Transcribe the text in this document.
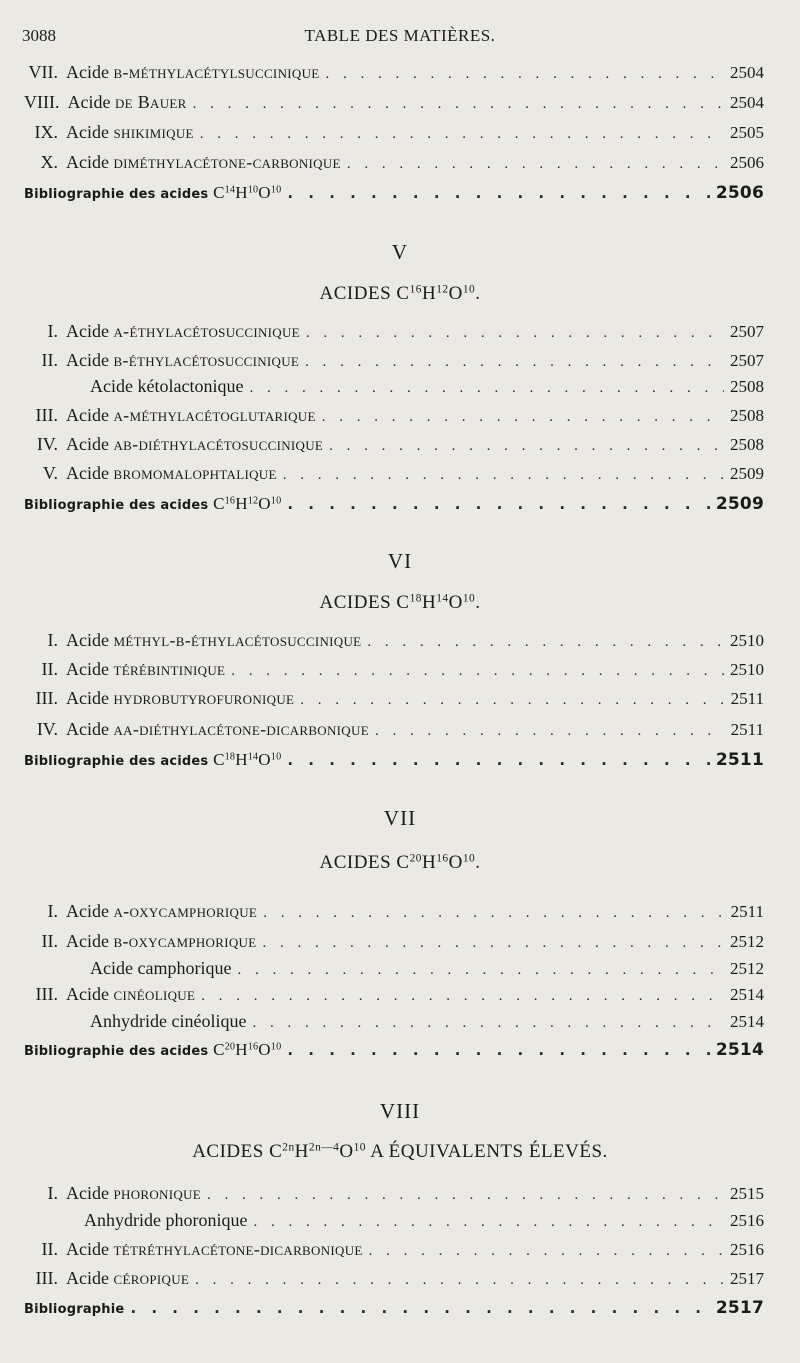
3088	TABLE DES MATIÈRES.
VII. Acide β-méthylacétylsuccinique . . .	2504
VIII. Acide de Bauer . . .	2504
IX. Acide shikimique . . .	2505
X. Acide diméthylacétone-carbonique . . .	2506
Bibliographie des acides $C^{14}H^{10}O^{10}$ . . .	2506
V
ACIDES $C^{16}H^{12}O^{10}$.
I. Acide α-éthylacétosuccinique . . .	2507
II. Acide β-éthylacétosuccinique . . .	2507
Acide kétolactonique . . .	2508
III. Acide α-méthylacétoglutarique . . .	2508
IV. Acide αβ-diéthylacétosuccinique . . .	2508
V. Acide bromomalophtalique . . .	2509
Bibliographie des acides $C^{16}H^{12}O^{10}$ . . .	2509
VI
ACIDES $C^{18}H^{14}O^{10}$.
I. Acide méthyl-β-éthylacétosuccinique . . .	2510
II. Acide térébintinique . . .	2510
III. Acide hydrobutyrofuronique . . .	2511
IV. Acide αα-diéthylacétone-dicarbonique . . .	2511
Bibliographie des acides $C^{18}H^{14}O^{10}$ . . .	2511
VII
ACIDES $C^{20}H^{16}O^{10}$.
I. Acide α-oxycamphorique . . .	2511
II. Acide β-oxycamphorique . . .	2512
Acide camphorique . . .	2512
III. Acide cinéolique . . .	2514
Anhydride cinéolique . . .	2514
Bibliographie des acides $C^{20}H^{16}O^{10}$ . . .	2514
VIII
ACIDES $C^{2n}H^{2n—4}O^{10}$ A ÉQUIVALENTS ÉLEVÉS.
I. Acide phoronique . . .	2515
Anhydride phoronique . . .	2516
II. Acide tétréthylacétone-dicarbonique . . .	2516
III. Acide céropique . . .	2517
Bibliographie . . .	2517
